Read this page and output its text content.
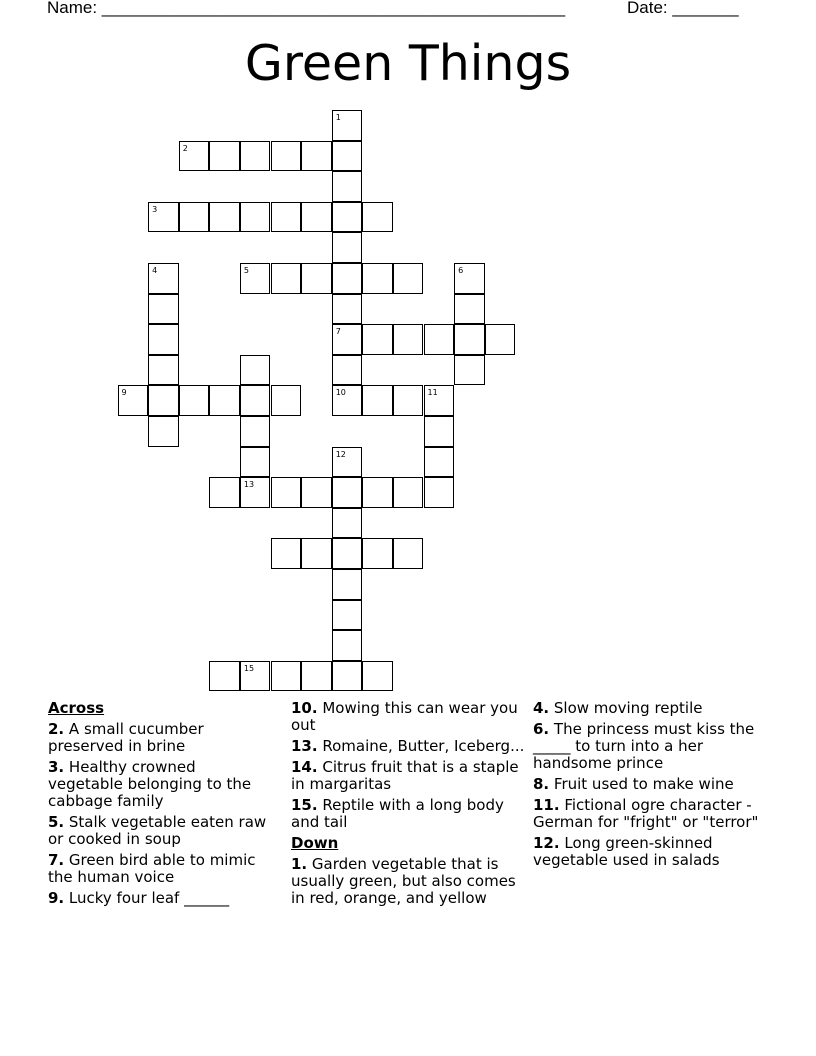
Name: _________________________________________________	Date: _______
Green Things
1
7
2
3
4	5	6
9
13
10	11
12
15
Across
2. A small cucumber preserved in brine
3. Healthy crowned vegetable belonging to the cabbage family
5. Stalk vegetable eaten raw or cooked in soup
7. Green bird able to mimic the human voice
9. Lucky four leaf ______
10. Mowing this can wear you out
13. Romaine, Butter, Iceberg...
14. Citrus fruit that is a staple in margaritas
15. Reptile with a long body and tail
Down
1. Garden vegetable that is usually green, but also comes in red, orange, and yellow
4. Slow moving reptile
6. The princess must kiss the _____ to turn into a her handsome prince
8. Fruit used to make wine
11. Fictional ogre character - German for "fright" or "terror"
12. Long green-skinned vegetable used in salads
